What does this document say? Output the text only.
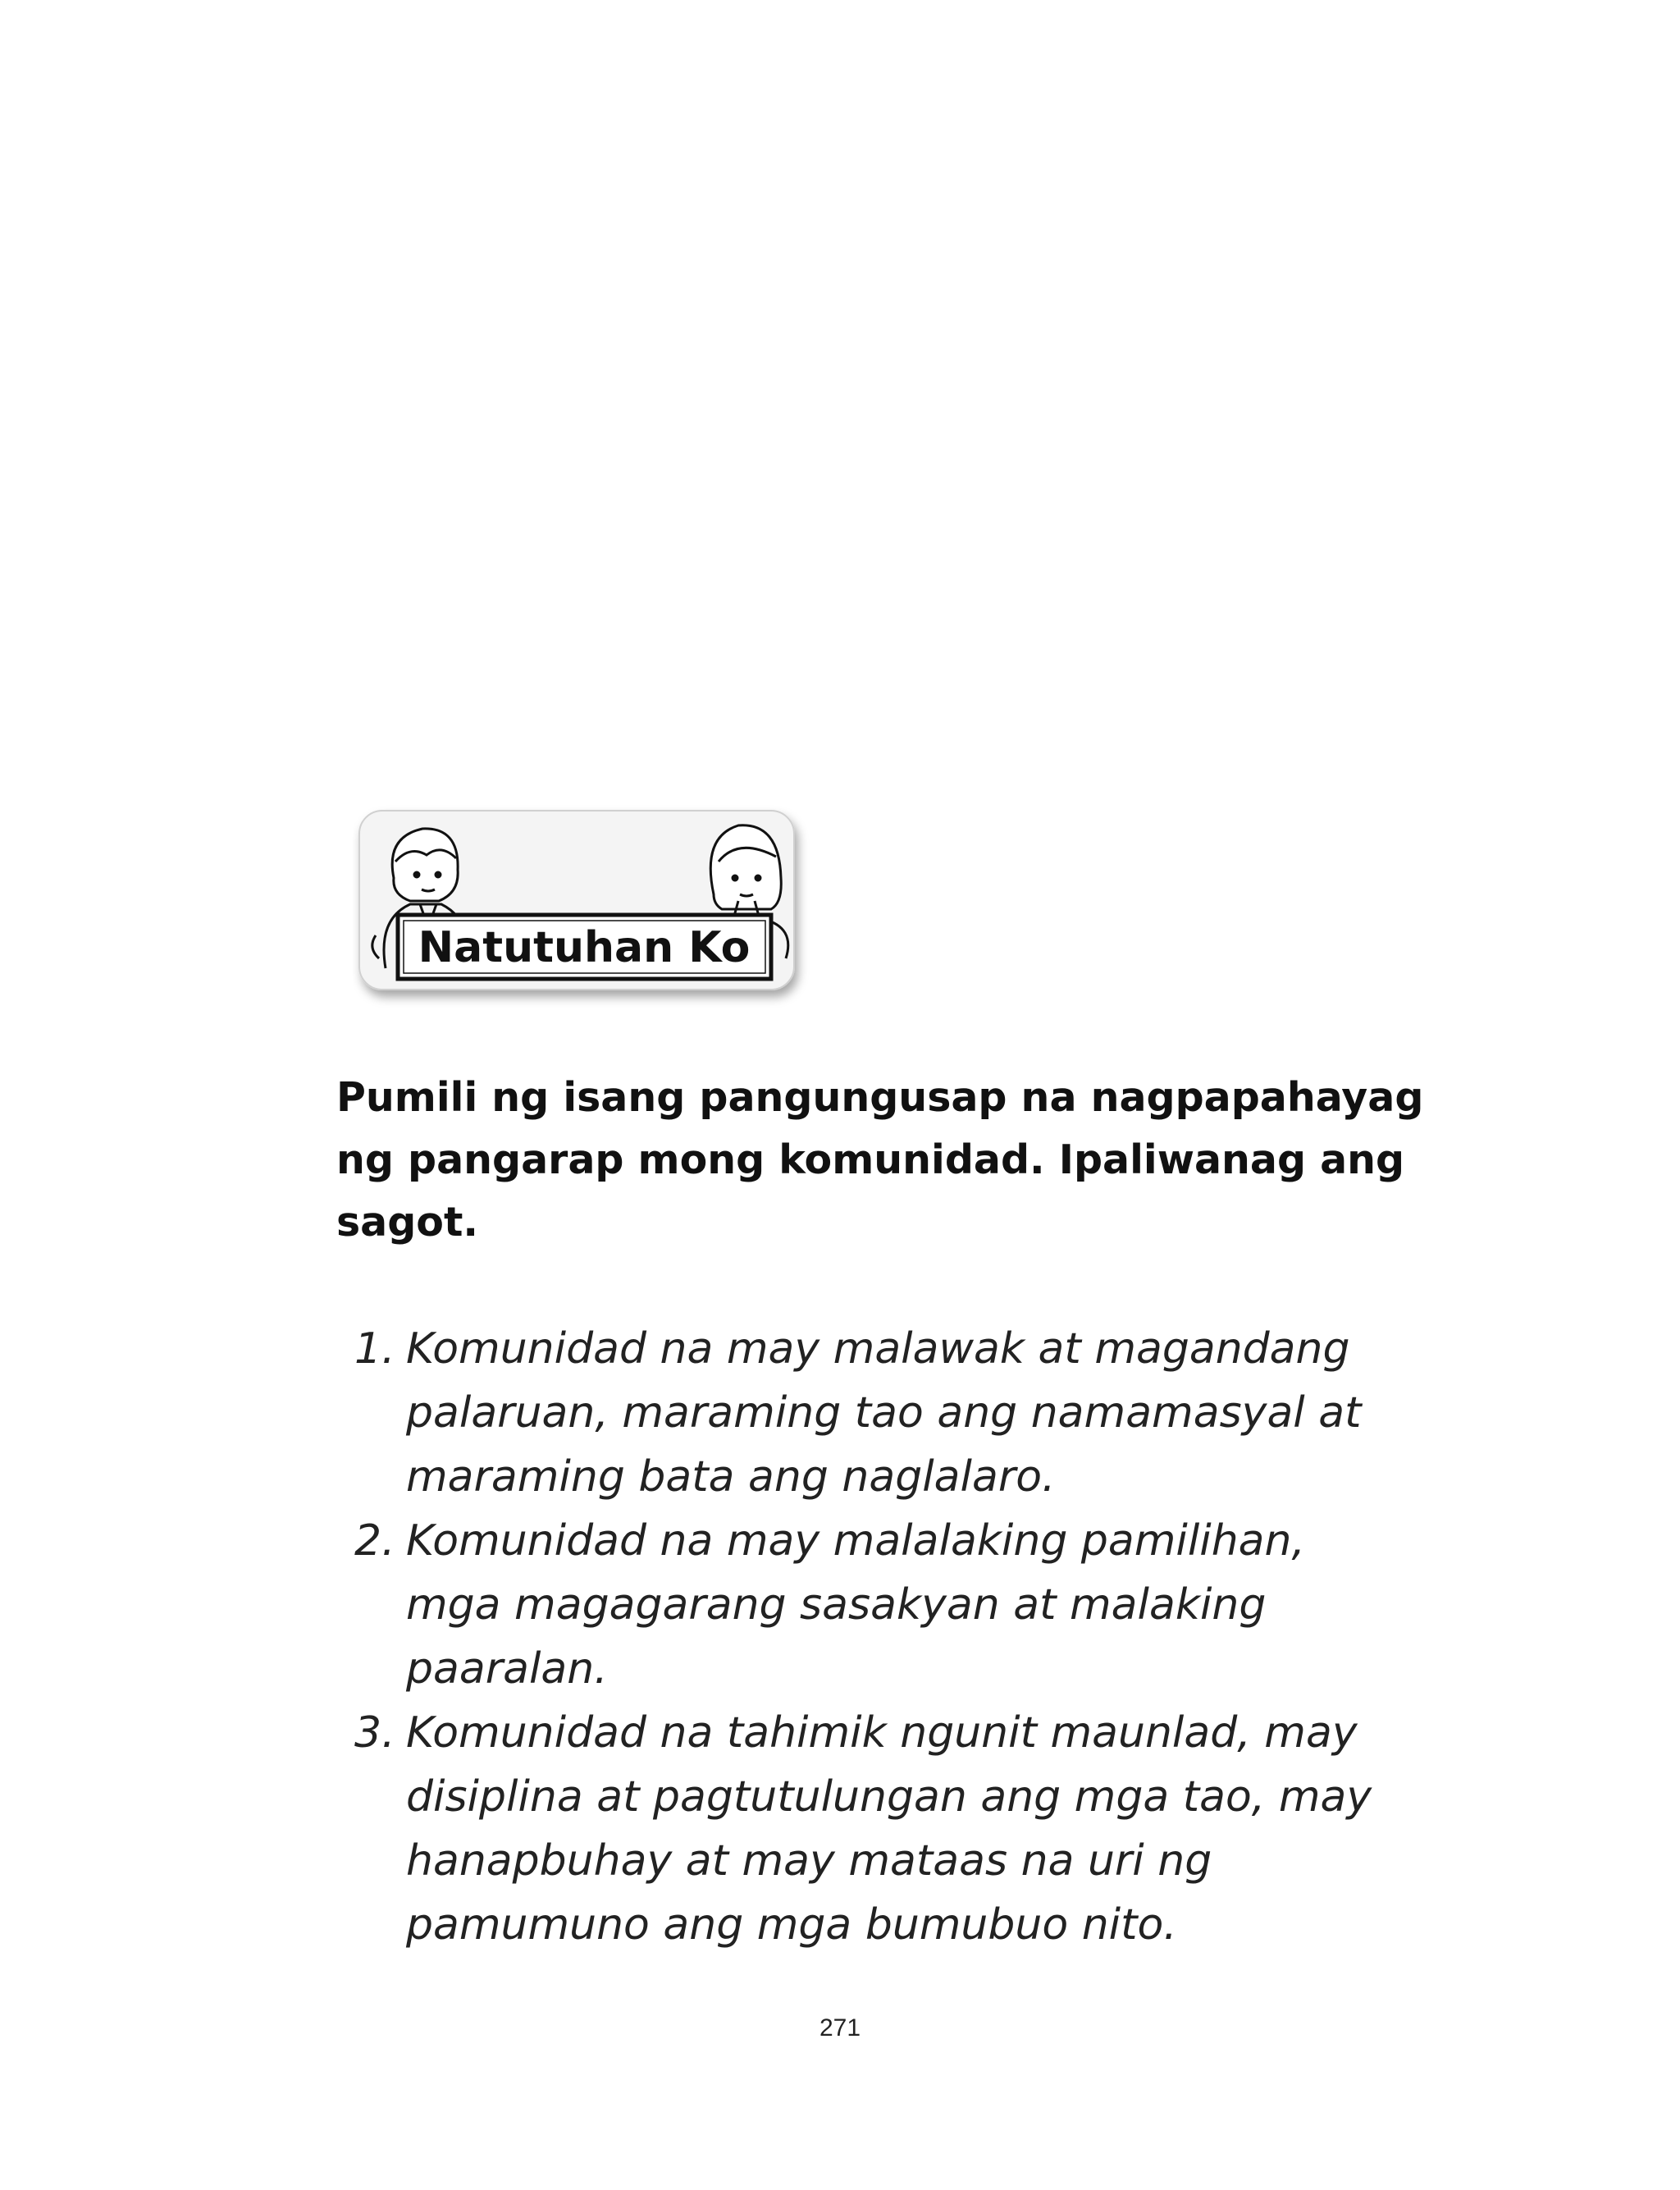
Natutuhan Ko

Pumili ng isang pangungusap na nagpapahayag ng pangarap mong komunidad. Ipaliwanag ang sagot.

1. Komunidad na may malawak at magandang
palaruan, maraming tao ang namamasyal at
maraming bata ang naglalaro.
2. Komunidad na may malalaking pamilihan,
mga magagarang sasakyan at malaking
paaralan.
3. Komunidad na tahimik ngunit maunlad, may
disiplina at pagtutulungan ang mga tao, may
hanapbuhay at may mataas na uri ng
pamumuno ang mga bumubuo nito.
271
